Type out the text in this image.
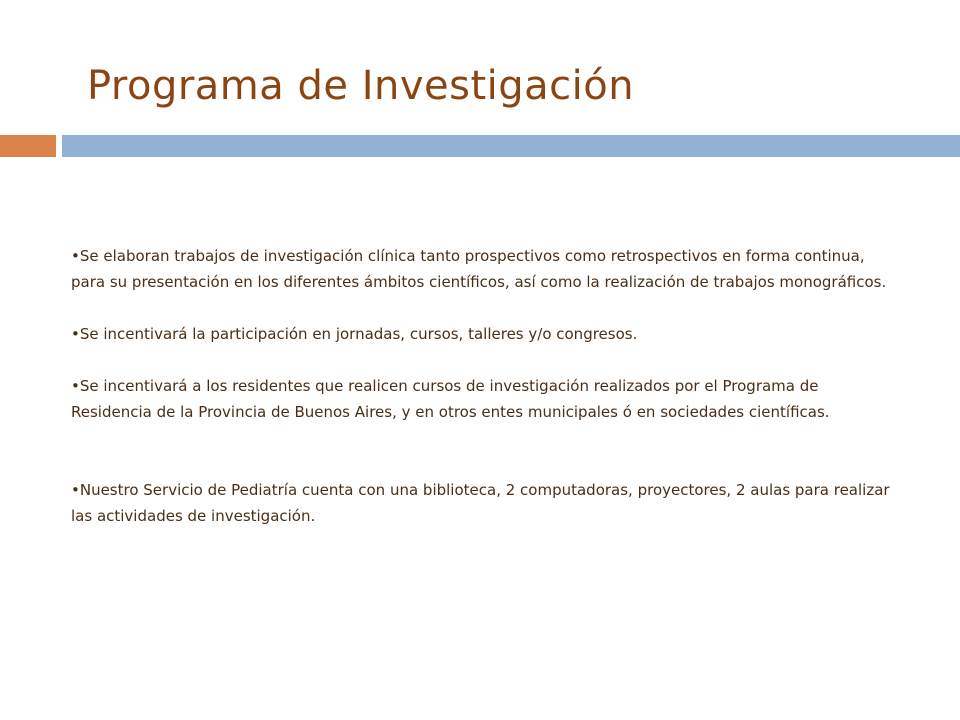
Programa de Investigación

•Se elaboran trabajos de investigación clínica tanto prospectivos como retrospectivos en forma continua, para su presentación en los diferentes ámbitos científicos, así como la realización de trabajos monográficos.

•Se incentivará la participación en jornadas, cursos, talleres y/o congresos.

•Se incentivará a los residentes que realicen cursos de investigación realizados por el Programa de Residencia de la Provincia de Buenos Aires, y en otros entes municipales ó en sociedades científicas.

•Nuestro Servicio de Pediatría cuenta con una biblioteca, 2 computadoras, proyectores, 2 aulas para realizar las actividades de investigación.
